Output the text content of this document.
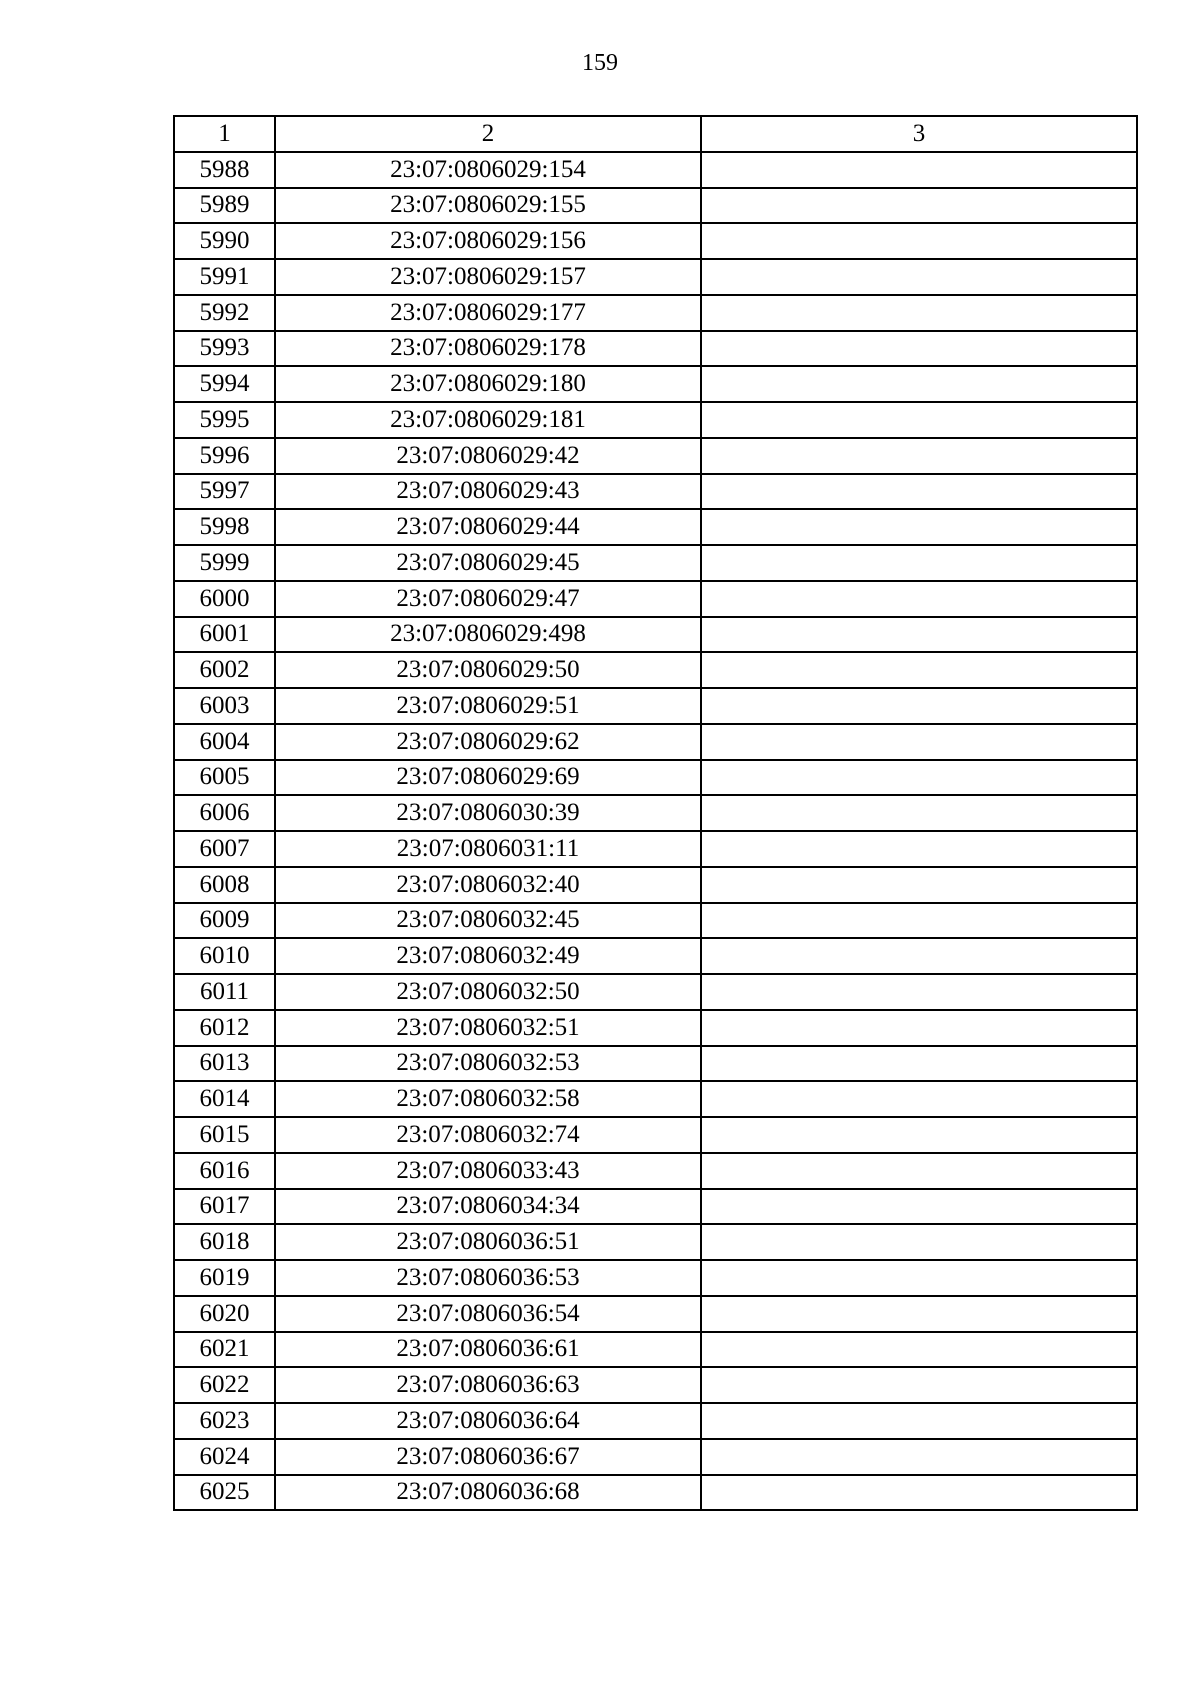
159
1	2	3
5988	23:07:0806029:154	
5989	23:07:0806029:155	
5990	23:07:0806029:156	
5991	23:07:0806029:157	
5992	23:07:0806029:177	
5993	23:07:0806029:178	
5994	23:07:0806029:180	
5995	23:07:0806029:181	
5996	23:07:0806029:42	
5997	23:07:0806029:43	
5998	23:07:0806029:44	
5999	23:07:0806029:45	
6000	23:07:0806029:47	
6001	23:07:0806029:498	
6002	23:07:0806029:50	
6003	23:07:0806029:51	
6004	23:07:0806029:62	
6005	23:07:0806029:69	
6006	23:07:0806030:39	
6007	23:07:0806031:11	
6008	23:07:0806032:40	
6009	23:07:0806032:45	
6010	23:07:0806032:49	
6011	23:07:0806032:50	
6012	23:07:0806032:51	
6013	23:07:0806032:53	
6014	23:07:0806032:58	
6015	23:07:0806032:74	
6016	23:07:0806033:43	
6017	23:07:0806034:34	
6018	23:07:0806036:51	
6019	23:07:0806036:53	
6020	23:07:0806036:54	
6021	23:07:0806036:61	
6022	23:07:0806036:63	
6023	23:07:0806036:64	
6024	23:07:0806036:67	
6025	23:07:0806036:68	
